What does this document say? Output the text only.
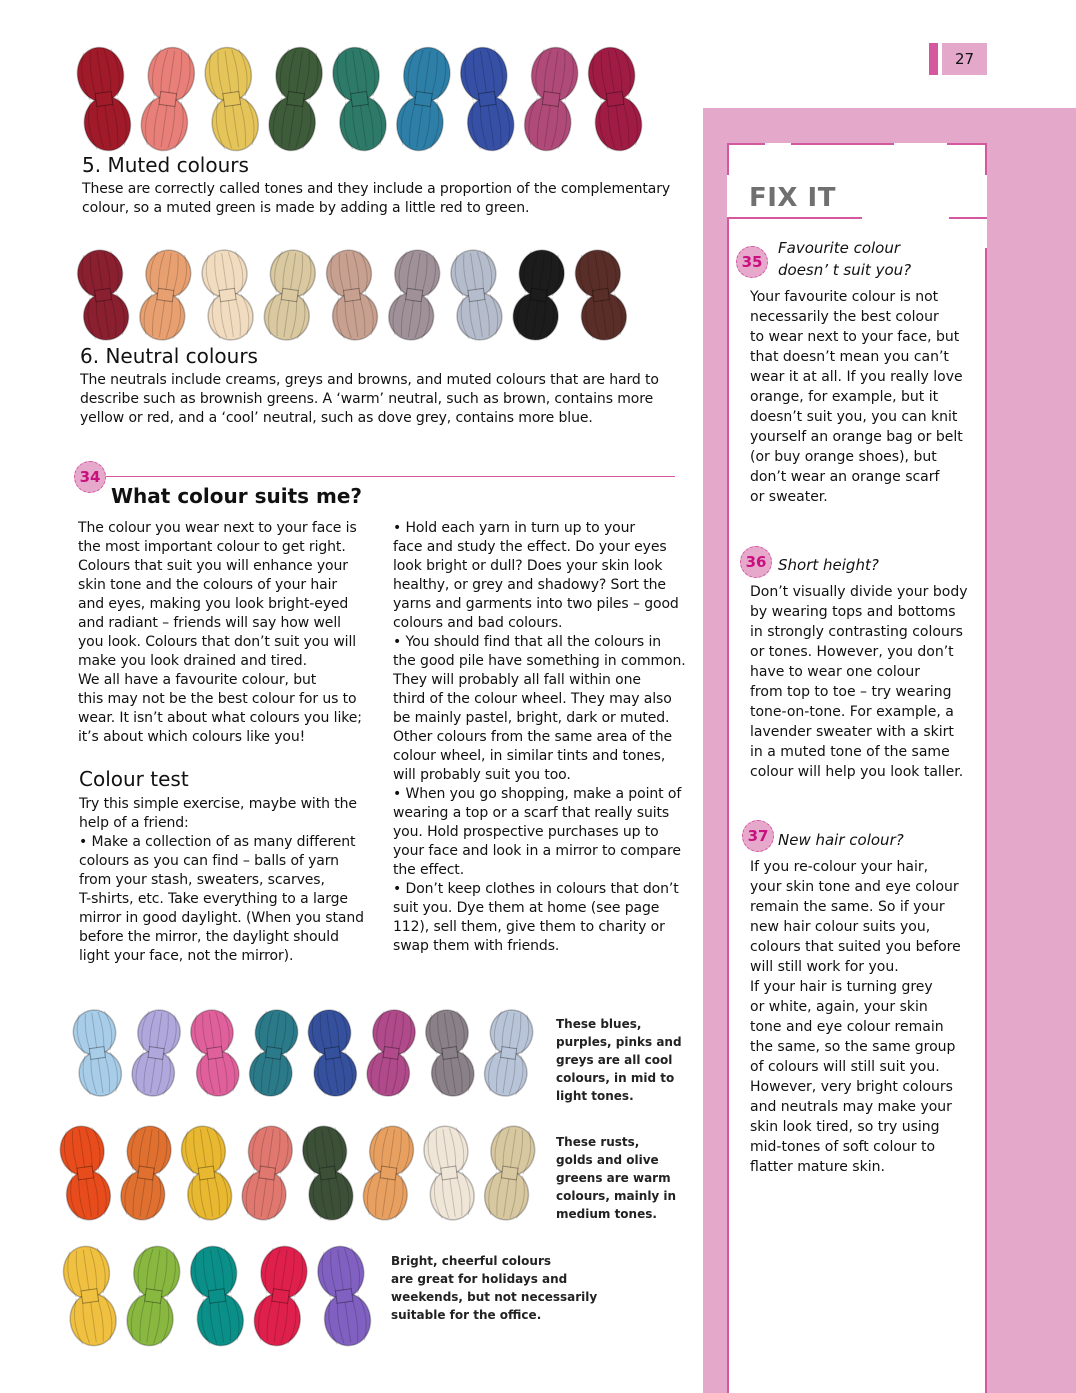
27
5. Muted colours
These are correctly called tones and they include a proportion of the complementary
colour, so a muted green is made by adding a little red to green.
6. Neutral colours
The neutrals include creams, greys and browns, and muted colours that are hard to
describe such as brownish greens. A ‘warm’ neutral, such as brown, contains more
yellow or red, and a ‘cool’ neutral, such as dove grey, contains more blue.
34
What colour suits me?
The colour you wear next to your face is
the most important colour to get right.
Colours that suit you will enhance your
skin tone and the colours of your hair
and eyes, making you look bright-eyed
and radiant – friends will say how well
you look. Colours that don’t suit you will
make you look drained and tired.
We all have a favourite colour, but
this may not be the best colour for us to
wear. It isn’t about what colours you like;
it’s about which colours like you!
Colour test
Try this simple exercise, maybe with the
help of a friend:
• Make a collection of as many different
colours as you can find – balls of yarn
from your stash, sweaters, scarves,
T-shirts, etc. Take everything to a large
mirror in good daylight. (When you stand
before the mirror, the daylight should
light your face, not the mirror).
• Hold each yarn in turn up to your
face and study the effect. Do your eyes
look bright or dull? Does your skin look
healthy, or grey and shadowy? Sort the
yarns and garments into two piles – good
colours and bad colours.
• You should find that all the colours in
the good pile have something in common.
They will probably all fall within one
third of the colour wheel. They may also
be mainly pastel, bright, dark or muted.
Other colours from the same area of the
colour wheel, in similar tints and tones,
will probably suit you too.
• When you go shopping, make a point of
wearing a top or a scarf that really suits
you. Hold prospective purchases up to
your face and look in a mirror to compare
the effect.
• Don’t keep clothes in colours that don’t
suit you. Dye them at home (see page
112), sell them, give them to charity or
swap them with friends.
These blues,
purples, pinks and
greys are all cool
colours, in mid to
light tones.
These rusts,
golds and olive
greens are warm
colours, mainly in
medium tones.
Bright, cheerful colours
are great for holidays and
weekends, but not necessarily
suitable for the office.
FIX IT
35
Favourite colour
doesn’ t suit you?
Your favourite colour is not
necessarily the best colour
to wear next to your face, but
that doesn’t mean you can’t
wear it at all. If you really love
orange, for example, but it
doesn’t suit you, you can knit
yourself an orange bag or belt
(or buy orange shoes), but
don’t wear an orange scarf
or sweater.
36 Short height?
Don’t visually divide your body
by wearing tops and bottoms
in strongly contrasting colours
or tones. However, you don’t
have to wear one colour
from top to toe – try wearing
tone-on-tone. For example, a
lavender sweater with a skirt
in a muted tone of the same
colour will help you look taller.
37 New hair colour?
If you re-colour your hair,
your skin tone and eye colour
remain the same. So if your
new hair colour suits you,
colours that suited you before
will still work for you.
If your hair is turning grey
or white, again, your skin
tone and eye colour remain
the same, so the same group
of colours will still suit you.
However, very bright colours
and neutrals may make your
skin look tired, so try using
mid-tones of soft colour to
flatter mature skin.
